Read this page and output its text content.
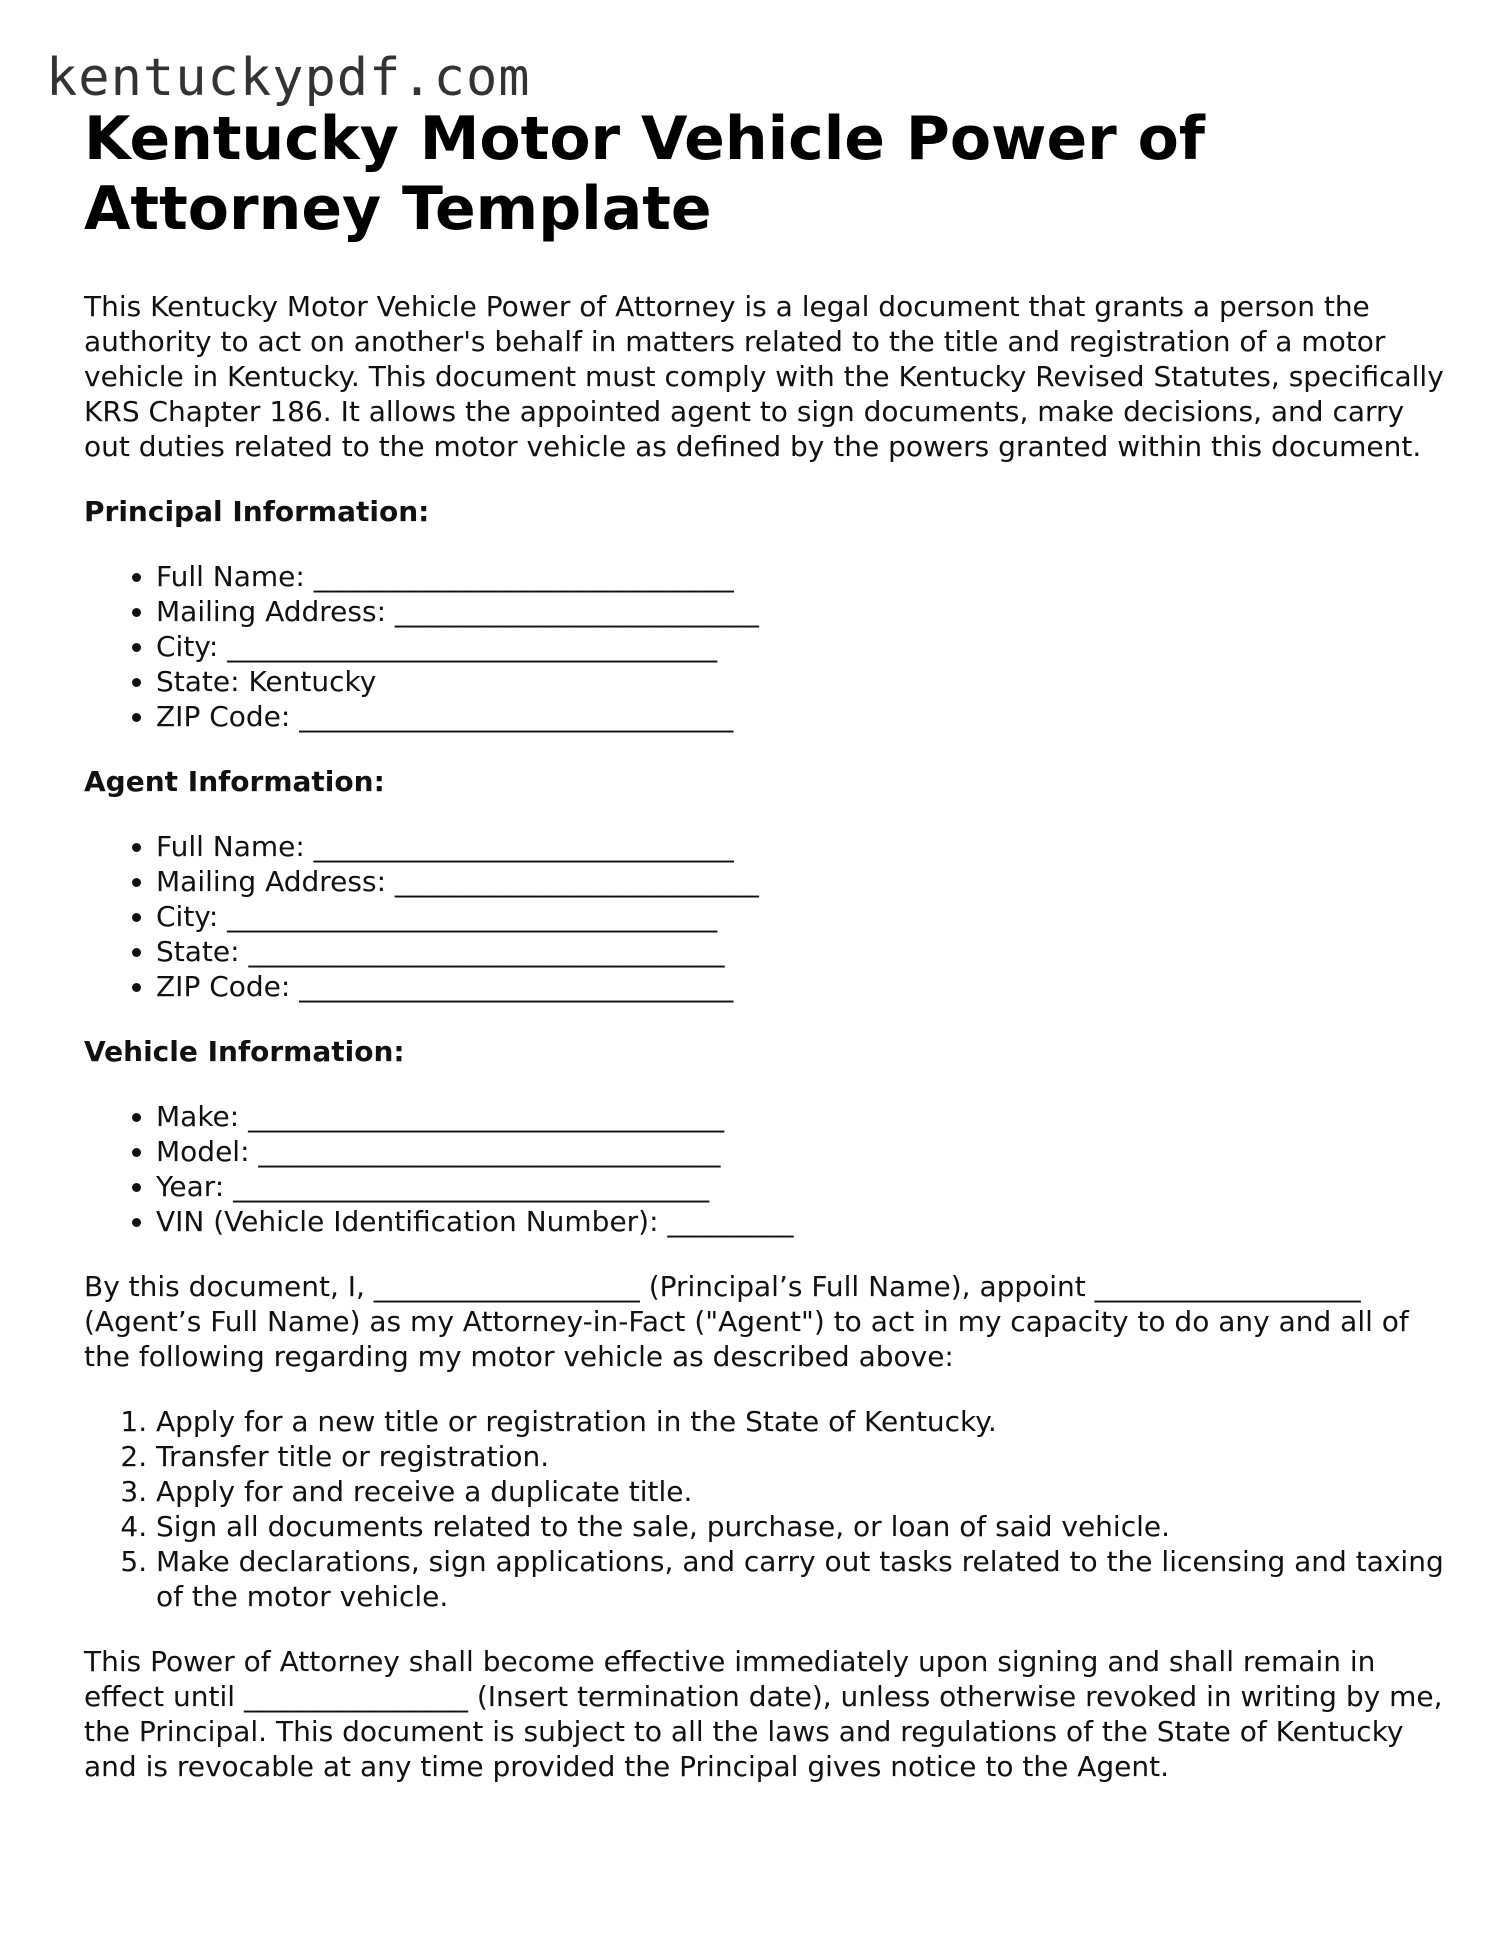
kentuckypdf.com
Kentucky Motor Vehicle Power of Attorney Template

This Kentucky Motor Vehicle Power of Attorney is a legal document that grants a person the authority to act on another's behalf in matters related to the title and registration of a motor vehicle in Kentucky. This document must comply with the Kentucky Revised Statutes, specifically KRS Chapter 186. It allows the appointed agent to sign documents, make decisions, and carry out duties related to the motor vehicle as defined by the powers granted within this document.

Principal Information:

• Full Name: ______________________________
• Mailing Address: __________________________
• City: ___________________________________
• State: Kentucky
• ZIP Code: _______________________________

Agent Information:

• Full Name: ______________________________
• Mailing Address: __________________________
• City: ___________________________________
• State: __________________________________
• ZIP Code: _______________________________

Vehicle Information:

• Make: __________________________________
• Model: _________________________________
• Year: __________________________________
• VIN (Vehicle Identification Number): _________

By this document, I, ___________________ (Principal’s Full Name), appoint ___________________ (Agent’s Full Name) as my Attorney-in-Fact ("Agent") to act in my capacity to do any and all of the following regarding my motor vehicle as described above:

1. Apply for a new title or registration in the State of Kentucky.
2. Transfer title or registration.
3. Apply for and receive a duplicate title.
4. Sign all documents related to the sale, purchase, or loan of said vehicle.
5. Make declarations, sign applications, and carry out tasks related to the licensing and taxing of the motor vehicle.

This Power of Attorney shall become effective immediately upon signing and shall remain in effect until ________________ (Insert termination date), unless otherwise revoked in writing by me, the Principal. This document is subject to all the laws and regulations of the State of Kentucky and is revocable at any time provided the Principal gives notice to the Agent.
